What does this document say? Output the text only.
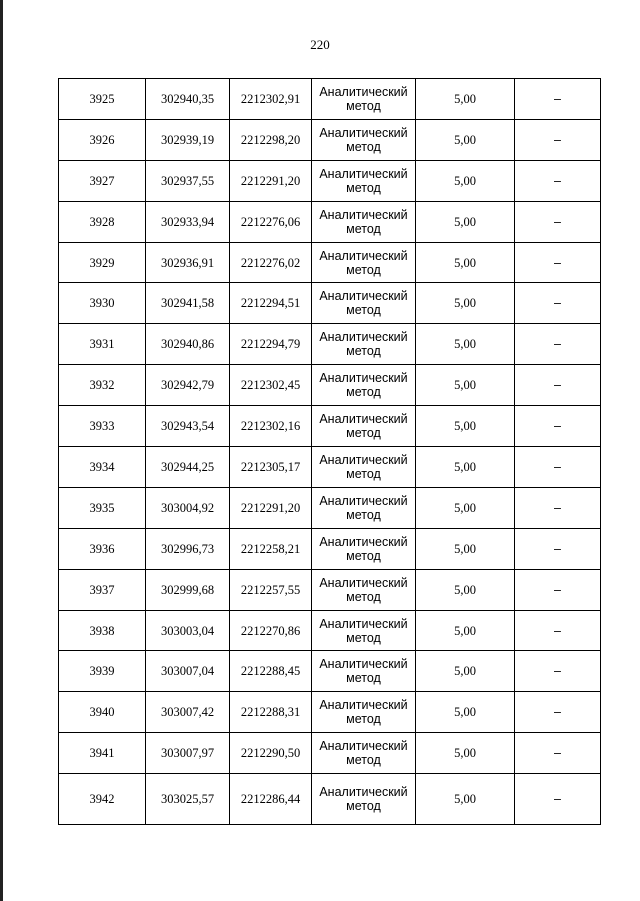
220
3925	302940,35	2212302,91	Аналитический метод	5,00	–
3926	302939,19	2212298,20	Аналитический метод	5,00	–
3927	302937,55	2212291,20	Аналитический метод	5,00	–
3928	302933,94	2212276,06	Аналитический метод	5,00	–
3929	302936,91	2212276,02	Аналитический метод	5,00	–
3930	302941,58	2212294,51	Аналитический метод	5,00	–
3931	302940,86	2212294,79	Аналитический метод	5,00	–
3932	302942,79	2212302,45	Аналитический метод	5,00	–
3933	302943,54	2212302,16	Аналитический метод	5,00	–
3934	302944,25	2212305,17	Аналитический метод	5,00	–
3935	303004,92	2212291,20	Аналитический метод	5,00	–
3936	302996,73	2212258,21	Аналитический метод	5,00	–
3937	302999,68	2212257,55	Аналитический метод	5,00	–
3938	303003,04	2212270,86	Аналитический метод	5,00	–
3939	303007,04	2212288,45	Аналитический метод	5,00	–
3940	303007,42	2212288,31	Аналитический метод	5,00	–
3941	303007,97	2212290,50	Аналитический метод	5,00	–
3942	303025,57	2212286,44	Аналитический метод	5,00	–
